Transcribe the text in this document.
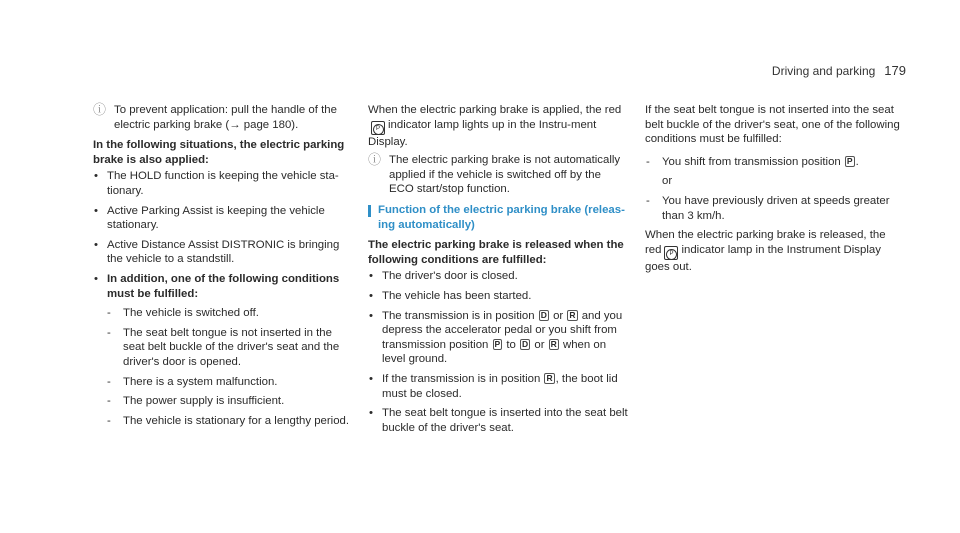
Driving and parking 179

ⓘ To prevent application: pull the handle of the electric parking brake (→ page 180).

In the following situations, the electric parking brake is also applied:

• The HOLD function is keeping the vehicle sta-tionary.
• Active Parking Assist is keeping the vehicle stationary.
• Active Distance Assist DISTRONIC is bringing the vehicle to a standstill.
• In addition, one of the following conditions must be fulfilled:
- The vehicle is switched off.
- The seat belt tongue is not inserted in the seat belt buckle of the driver's seat and the driver's door is opened.
- There is a system malfunction.
- The power supply is insufficient.
- The vehicle is stationary for a lengthy period.

When the electric parking brake is applied, the redP indicator lamp lights up in the Instru-ment Display.

ⓘ The electric parking brake is not automatically applied if the vehicle is switched off by the ECO start/stop function.

Function of the electric parking brake (releas-ing automatically)

The electric parking brake is released when the following conditions are fulfilled:

• The driver's door is closed.
• The vehicle has been started.
• The transmission is in position D or R and you depress the accelerator pedal or you shift from transmission position P to D or R when on level ground.
• If the transmission is in position R , the boot lid must be closed.
• The seat belt tongue is inserted into the seat belt buckle of the driver's seat.

If the seat belt tongue is not inserted into the seat belt buckle of the driver's seat, one of the following conditions must be fulfilled:

- You shift from transmission position P .
or
- You have previously driven at speeds greater than 3 km/h.

When the electric parking brake is released, the red P indicator lamp in the Instrument Display goes out.
